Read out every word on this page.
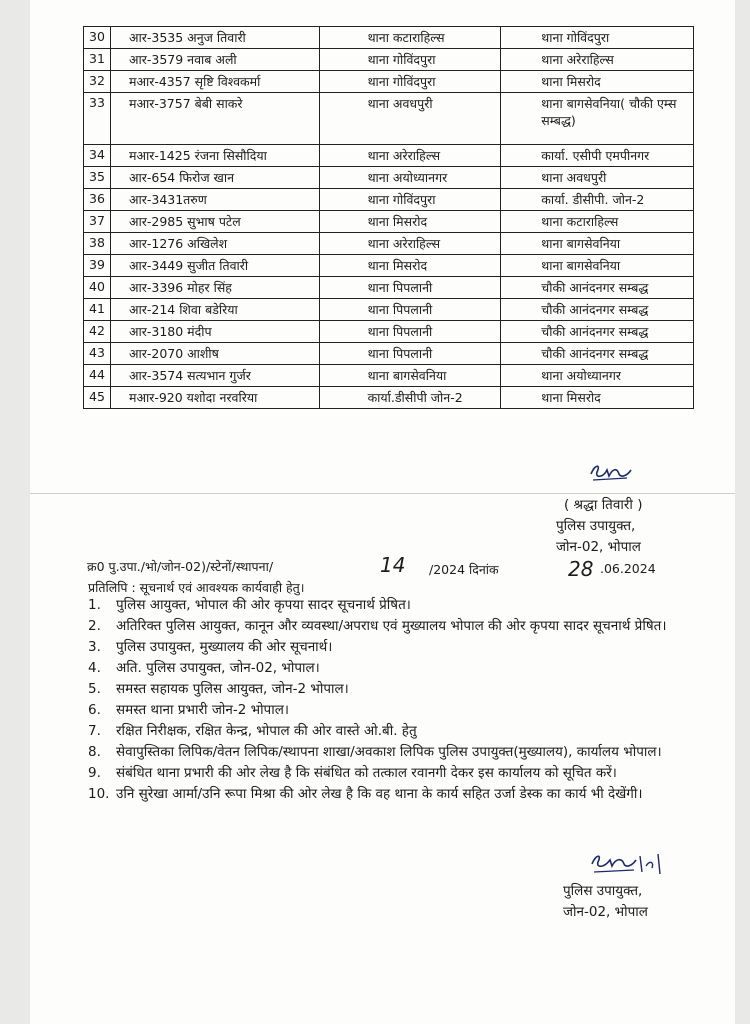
30	आर-3535 अनुज तिवारी	थाना कटाराहिल्स	थाना गोविंदपुरा
31	आर-3579 नवाब अली	थाना गोविंदपुरा	थाना अरेराहिल्स
32	मआर-4357 सृष्टि विश्वकर्मा	थाना गोविंदपुरा	थाना मिसरोद
33	मआर-3757 बेबी साकरे	थाना अवधपुरी	थाना बागसेवनिया( चौकी एम्स सम्बद्ध)
34	मआर-1425 रंजना सिसौदिया	थाना अरेराहिल्स	कार्या. एसीपी एमपीनगर
35	आर-654 फिरोज खान	थाना अयोध्यानगर	थाना अवधपुरी
36	आर-3431तरुण	थाना गोविंदपुरा	कार्या. डीसीपी. जोन-2
37	आर-2985 सुभाष पटेल	थाना मिसरोद	थाना कटाराहिल्स
38	आर-1276 अखिलेश	थाना अरेराहिल्स	थाना बागसेवनिया
39	आर-3449 सुजीत तिवारी	थाना मिसरोद	थाना बागसेवनिया
40	आर-3396 मोहर सिंह	थाना पिपलानी	चौकी आनंदनगर सम्बद्ध
41	आर-214 शिवा बडेरिया	थाना पिपलानी	चौकी आनंदनगर सम्बद्ध
42	आर-3180 मंदीप	थाना पिपलानी	चौकी आनंदनगर सम्बद्ध
43	आर-2070 आशीष	थाना पिपलानी	चौकी आनंदनगर सम्बद्ध
44	आर-3574 सत्यभान गुर्जर	थाना बागसेवनिया	थाना अयोध्यानगर
45	मआर-920 यशोदा नरवरिया	कार्या.डीसीपी जोन-2	थाना मिसरोद
( श्रद्धा तिवारी )
पुलिस उपायुक्त,
जोन-02, भोपाल
क्र0 पु.उपा./भो/जोन-02)/स्टेनों/स्थापना/	14 /2024 दिनांक	28 .06.2024
प्रतिलिपि : सूचनार्थ एवं आवश्यक कार्यवाही हेतु।
1.	पुलिस आयुक्त, भोपाल की ओर कृपया सादर सूचनार्थ प्रेषित।
2.	अतिरिक्त पुलिस आयुक्त, कानून और व्यवस्था/अपराध एवं मुख्यालय भोपाल की ओर कृपया सादर सूचनार्थ प्रेषित।
3.	पुलिस उपायुक्त, मुख्यालय की ओर सूचनार्थ।
4.	अति. पुलिस उपायुक्त, जोन-02, भोपाल।
5.	समस्त सहायक पुलिस आयुक्त, जोन-2 भोपाल।
6.	समस्त थाना प्रभारी जोन-2 भोपाल।
7.	रक्षित निरीक्षक, रक्षित केन्द्र, भोपाल की ओर वास्ते ओ.बी. हेतु
8.	सेवापुस्तिका लिपिक/वेतन लिपिक/स्थापना शाखा/अवकाश लिपिक पुलिस उपायुक्त(मुख्यालय), कार्यालय भोपाल।
9.	संबंधित थाना प्रभारी की ओर लेख है कि संबंधित को तत्काल रवानगी देकर इस कार्यालय को सूचित करें।
10. उनि सुरेखा आर्मा/उनि रूपा मिश्रा की ओर लेख है कि वह थाना के कार्य सहित उर्जा डेस्क का कार्य भी देखेंगी।
पुलिस उपायुक्त,
जोन-02, भोपाल
